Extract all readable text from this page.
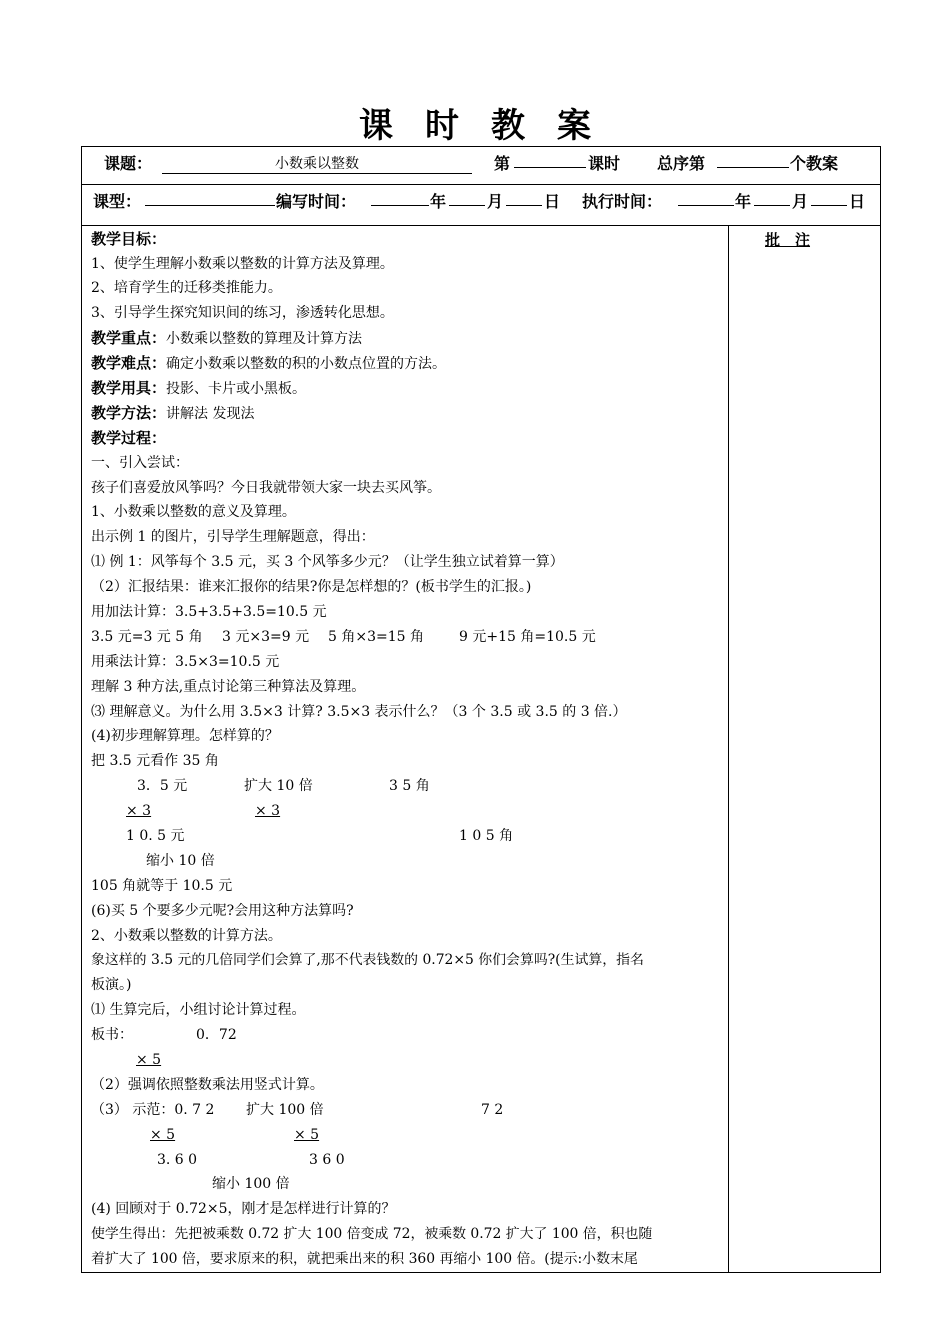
课 时 教 案
课题：	小数乘以整数	第	课时 总序第	个教案
课型：	编写时间：	年	月	日 执行时间：	年	月	日
批　注
教学目标：
1、使学生理解小数乘以整数的计算方法及算理。
2、培育学生的迁移类推能力。
3、引导学生探究知识间的练习，渗透转化思想。
教学重点：小数乘以整数的算理及计算方法
教学难点：确定小数乘以整数的积的小数点位置的方法。
教学用具：投影、卡片或小黑板。
教学方法：讲解法 发现法
教学过程：
一、引入尝试：
孩子们喜爱放风筝吗？今日我就带领大家一块去买风筝。
1、小数乘以整数的意义及算理。
出示例 1 的图片，引导学生理解题意，得出：
⑴ 例 1：风筝每个 3.5 元，买 3 个风筝多少元？（让学生独立试着算一算）
（2）汇报结果：谁来汇报你的结果?你是怎样想的？(板书学生的汇报。)
用加法计算：3.5+3.5+3.5=10.5 元
3.5 元=3 元 5 角 3 元×3=9 元 5 角×3=15 角	9 元+15 角=10.5 元
用乘法计算：3.5×3=10.5 元
理解 3 种方法,重点讨论第三种算法及算理。
⑶ 理解意义。为什么用 3.5×3 计算? 3.5×3 表示什么？（3 个 3.5 或 3.5 的 3 倍.）
(4)初步理解算理。怎样算的？
把 3.5 元看作 35 角
3．5 元	扩大 10 倍	3 5 角
× 3	× 3
1 0. 5 元	1 0 5 角
缩小 10 倍
105 角就等于 10.5 元
(6)买 5 个要多少元呢?会用这种方法算吗?
2、小数乘以整数的计算方法。
象这样的 3.5 元的几倍同学们会算了,那不代表钱数的 0.72×5 你们会算吗?(生试算，指名
板演。)
⑴ 生算完后，小组讨论计算过程。
板书：	0．72
× 5
（2）强调依照整数乘法用竖式计算。
（3） 示范：0. 7 2 扩大 100 倍	7 2
× 5	× 5
3. 6 0	3 6 0
缩小 100 倍
(4) 回顾对于 0.72×5，刚才是怎样进行计算的？
使学生得出：先把被乘数 0.72 扩大 100 倍变成 72，被乘数 0.72 扩大了 100 倍，积也随
着扩大了 100 倍，要求原来的积，就把乘出来的积 360 再缩小 100 倍。(提示:小数末尾
